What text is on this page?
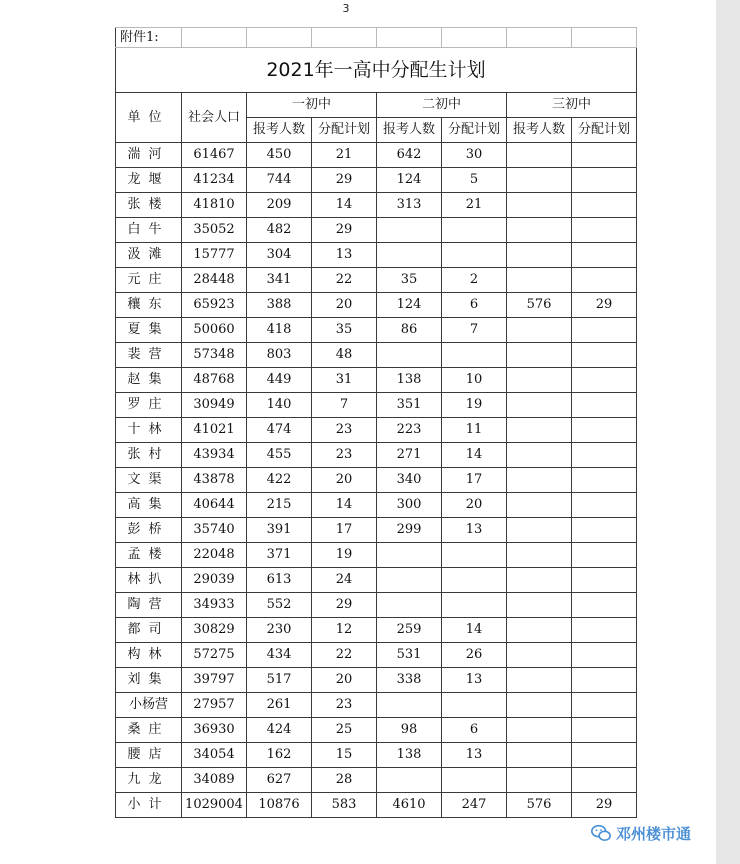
3
附件1:							
2021年一高中分配生计划							
单位	社会人口	一初中		二初中		三初中	
		报考人数	分配计划	报考人数	分配计划	报考人数	分配计划
湍河	61467	450	21	642	30		
龙堰	41234	744	29	124	5		
张楼	41810	209	14	313	21		
白牛	35052	482	29				
汲滩	15777	304	13				
元庄	28448	341	22	35	2		
穰东	65923	388	20	124	6	576	29
夏集	50060	418	35	86	7		
裴营	57348	803	48				
赵集	48768	449	31	138	10		
罗庄	30949	140	7	351	19		
十林	41021	474	23	223	11		
张村	43934	455	23	271	14		
文渠	43878	422	20	340	17		
高集	40644	215	14	300	20		
彭桥	35740	391	17	299	13		
孟楼	22048	371	19				
林扒	29039	613	24				
陶营	34933	552	29				
都司	30829	230	12	259	14		
构林	57275	434	22	531	26		
刘集	39797	517	20	338	13		
小杨营	27957	261	23				
桑庄	36930	424	25	98	6		
腰店	34054	162	15	138	13		
九龙	34089	627	28				
小计	1029004	10876	583	4610	247	576	29
邓州楼市通
